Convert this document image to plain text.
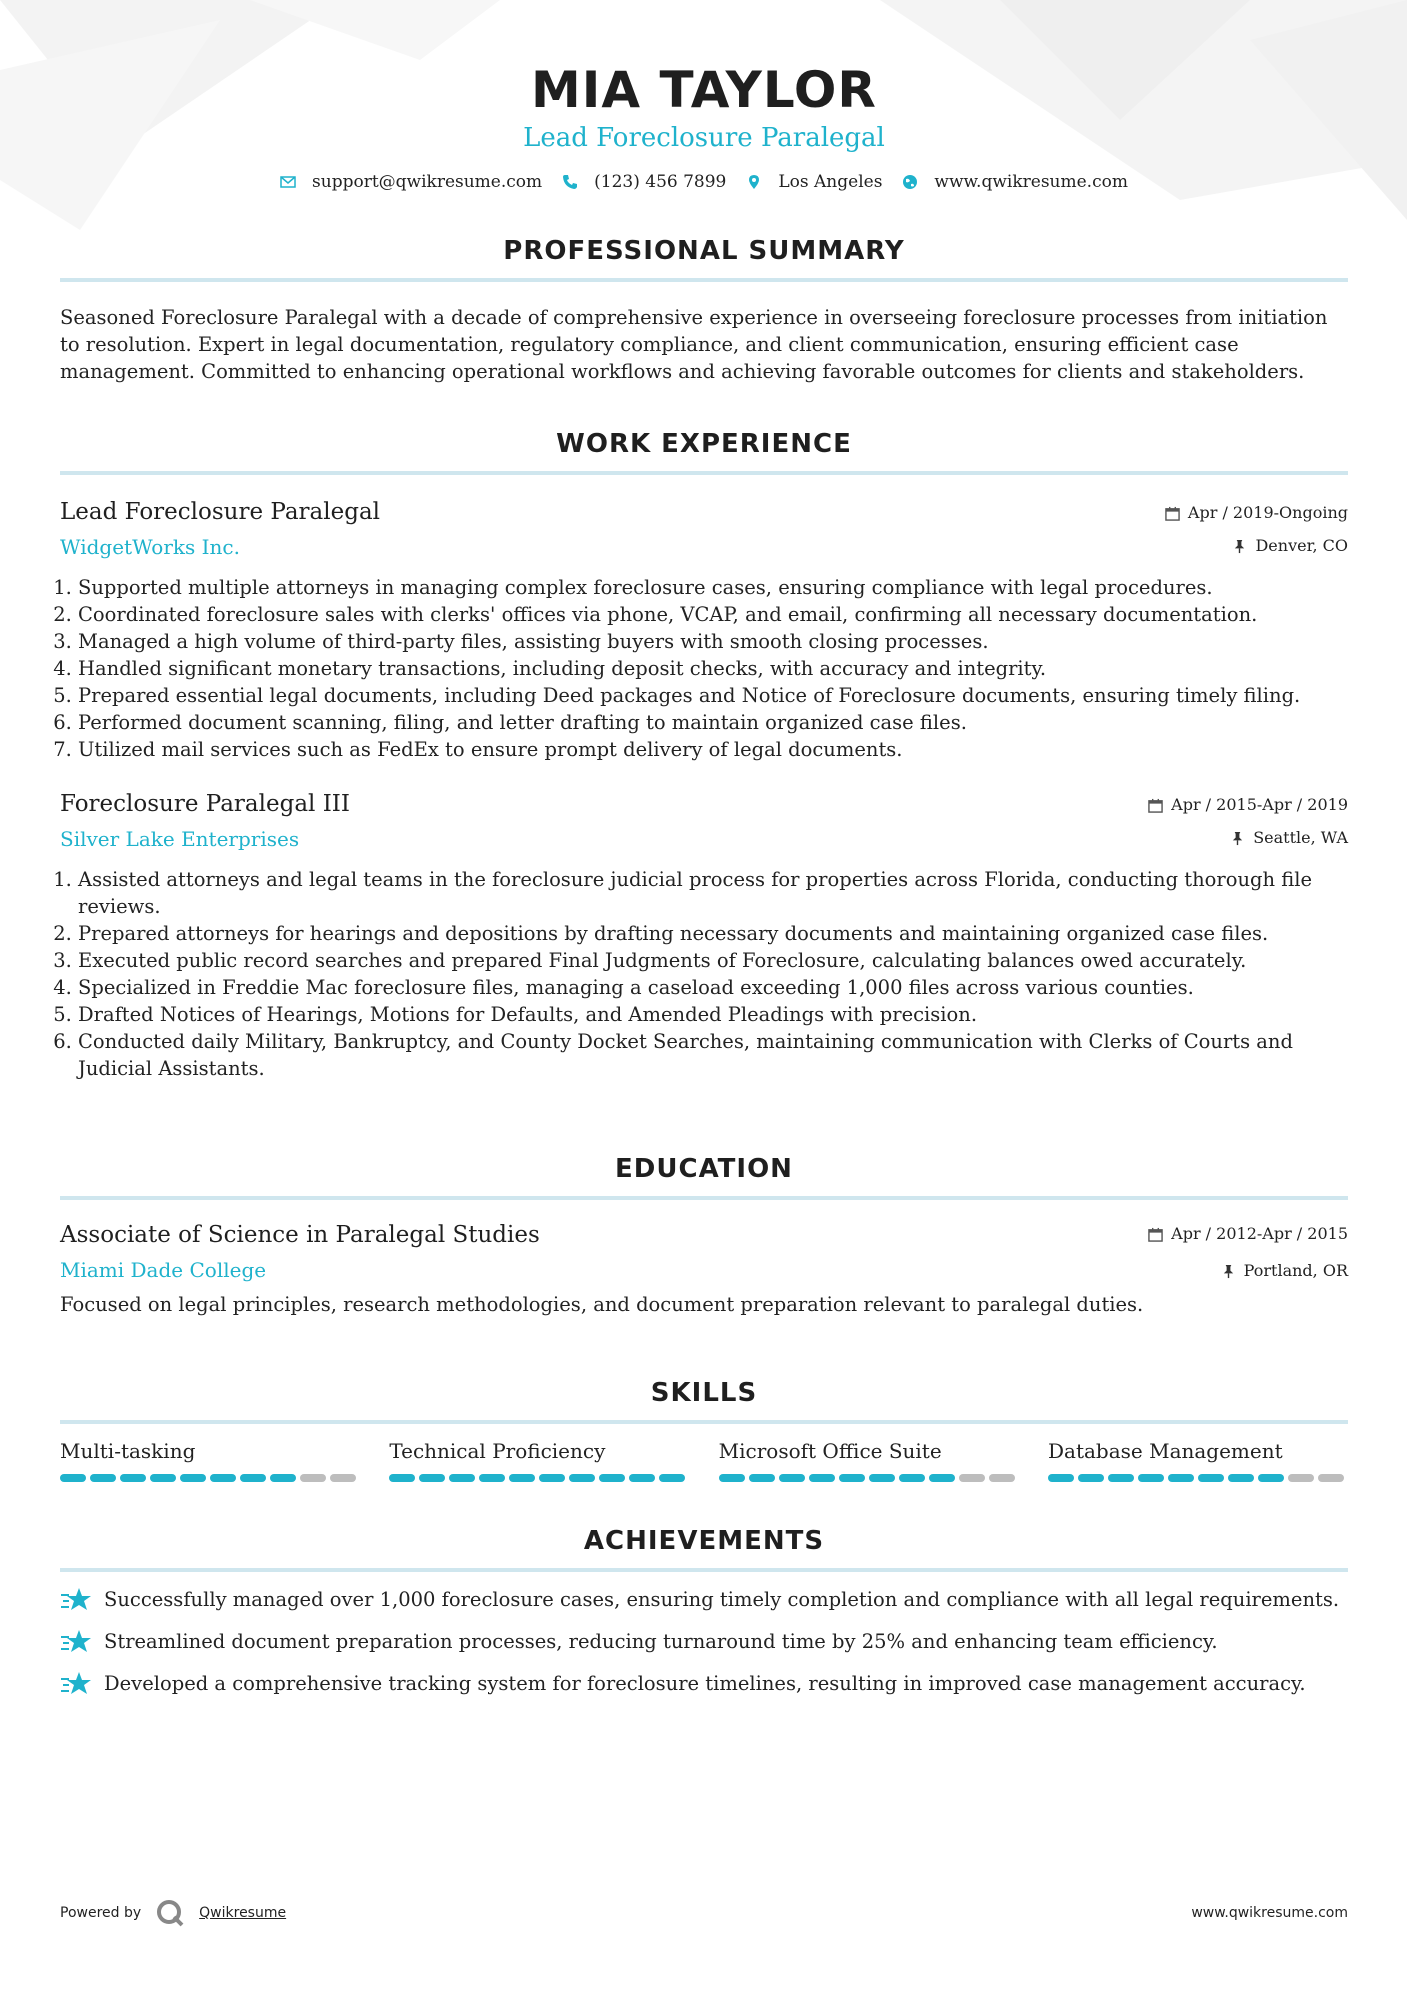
MIA TAYLOR
Lead Foreclosure Paralegal
support@qwikresume.com	(123) 456 7899	Los Angeles	www.qwikresume.com
PROFESSIONAL SUMMARY
Seasoned Foreclosure Paralegal with a decade of comprehensive experience in overseeing foreclosure processes from initiation to resolution. Expert in legal documentation, regulatory compliance, and client communication, ensuring efficient case management. Committed to enhancing operational workflows and achieving favorable outcomes for clients and stakeholders.
WORK EXPERIENCE
Lead Foreclosure Paralegal
WidgetWorks Inc.
Apr / 2019-Ongoing
Denver, CO
1. Supported multiple attorneys in managing complex foreclosure cases, ensuring compliance with legal procedures.
2. Coordinated foreclosure sales with clerks' offices via phone, VCAP, and email, confirming all necessary documentation.
3. Managed a high volume of third-party files, assisting buyers with smooth closing processes.
4. Handled significant monetary transactions, including deposit checks, with accuracy and integrity.
5. Prepared essential legal documents, including Deed packages and Notice of Foreclosure documents, ensuring timely filing.
6. Performed document scanning, filing, and letter drafting to maintain organized case files.
7. Utilized mail services such as FedEx to ensure prompt delivery of legal documents.
Foreclosure Paralegal III
Silver Lake Enterprises
Apr / 2015-Apr / 2019
Seattle, WA
1. Assisted attorneys and legal teams in the foreclosure judicial process for properties across Florida, conducting thorough file reviews.
2. Prepared attorneys for hearings and depositions by drafting necessary documents and maintaining organized case files.
3. Executed public record searches and prepared Final Judgments of Foreclosure, calculating balances owed accurately.
4. Specialized in Freddie Mac foreclosure files, managing a caseload exceeding 1,000 files across various counties.
5. Drafted Notices of Hearings, Motions for Defaults, and Amended Pleadings with precision.
6. Conducted daily Military, Bankruptcy, and County Docket Searches, maintaining communication with Clerks of Courts and Judicial Assistants.
EDUCATION
Associate of Science in Paralegal Studies
Miami Dade College
Apr / 2012-Apr / 2015
Portland, OR
Focused on legal principles, research methodologies, and document preparation relevant to paralegal duties.
SKILLS
Multi-tasking	Technical Proficiency	Microsoft Office Suite	Database Management
ACHIEVEMENTS
Successfully managed over 1,000 foreclosure cases, ensuring timely completion and compliance with all legal requirements.
Streamlined document preparation processes, reducing turnaround time by 25% and enhancing team efficiency.
Developed a comprehensive tracking system for foreclosure timelines, resulting in improved case management accuracy.
Powered by	Qwikresume	www.qwikresume.com
